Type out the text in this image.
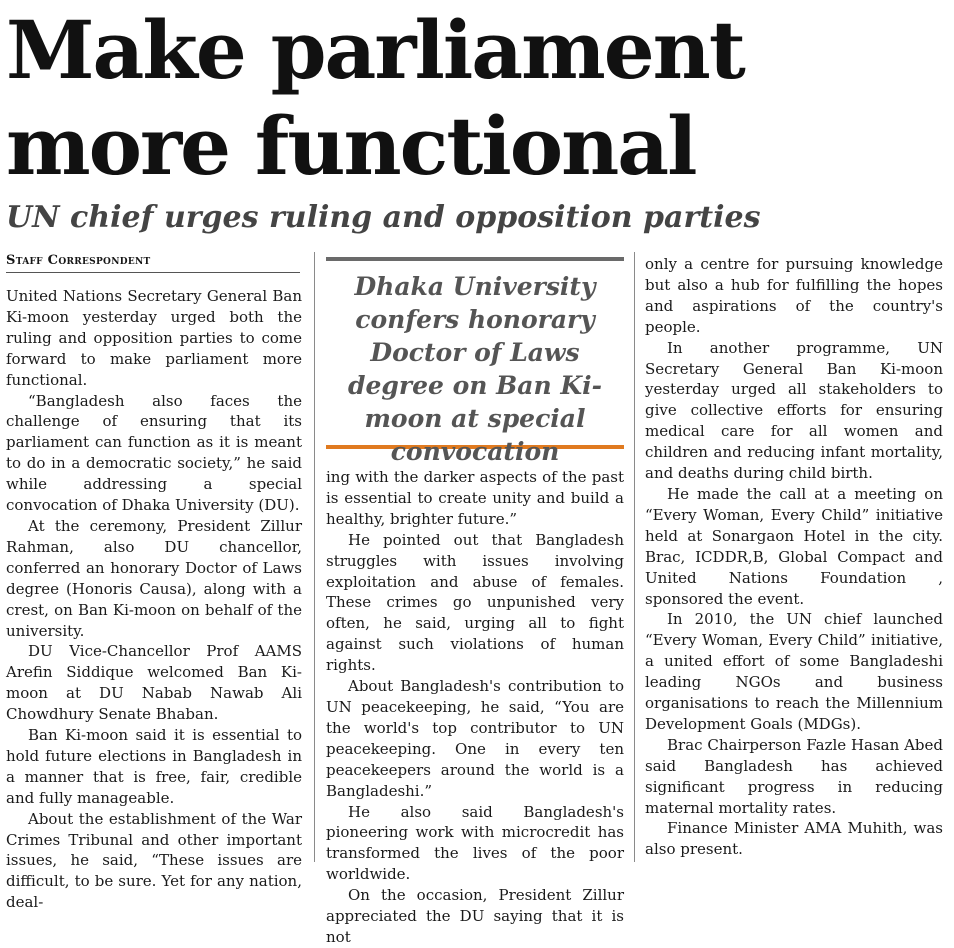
Make parliament more functional
UN chief urges ruling and opposition parties
Staff Correspondent

Dhaka University confers honorary Doctor of Laws degree on Ban Ki-moon at special convocation

United Nations Secretary General Ban Ki-moon yesterday urged both the ruling and opposition parties to come forward to make parliament more functional.

“Bangladesh also faces the challenge of ensuring that its parliament can function as it is meant to do in a democratic society,” he said while addressing a special convocation of Dhaka University (DU).

At the ceremony, President Zillur Rahman, also DU chancellor, conferred an honorary Doctor of Laws degree (Honoris Causa), along with a crest, on Ban Ki-moon on behalf of the university.

DU Vice-Chancellor Prof AAMS Arefin Siddique welcomed Ban Ki-moon at DU Nabab Nawab Ali Chowdhury Senate Bhaban.

Ban Ki-moon said it is essential to hold future elections in Bangladesh in a manner that is free, fair, credible and fully manageable.

About the establishment of the War Crimes Tribunal and other important issues, he said, “These issues are difficult, to be sure. Yet for any nation, deal-

ing with the darker aspects of the past is essential to create unity and build a healthy, brighter future.”

He pointed out that Bangladesh struggles with issues involving exploitation and abuse of females. These crimes go unpunished very often, he said, urging all to fight against such violations of human rights.

About Bangladesh's contribution to UN peacekeeping, he said, “You are the world's top contributor to UN peacekeeping. One in every ten peacekeepers around the world is a Bangladeshi.”

He also said Bangladesh's pioneering work with microcredit has transformed the lives of the poor worldwide.

On the occasion, President Zillur appreciated the DU saying that it is not

only a centre for pursuing knowledge but also a hub for fulfilling the hopes and aspirations of the country's people.

In another programme, UN Secretary General Ban Ki-moon yesterday urged all stakeholders to give collective efforts for ensuring medical care for all women and children and reducing infant mortality, and deaths during child birth.

He made the call at a meeting on “Every Woman, Every Child” initiative held at Sonargaon Hotel in the city. Brac, ICDDR,B, Global Compact and United Nations Foundation , sponsored the event.

In 2010, the UN chief launched “Every Woman, Every Child” initiative, a united effort of some Bangladeshi leading NGOs and business organisations to reach the Millennium Development Goals (MDGs).

Brac Chairperson Fazle Hasan Abed said Bangladesh has achieved significant progress in reducing maternal mortality rates.

Finance Minister AMA Muhith, was also present.
